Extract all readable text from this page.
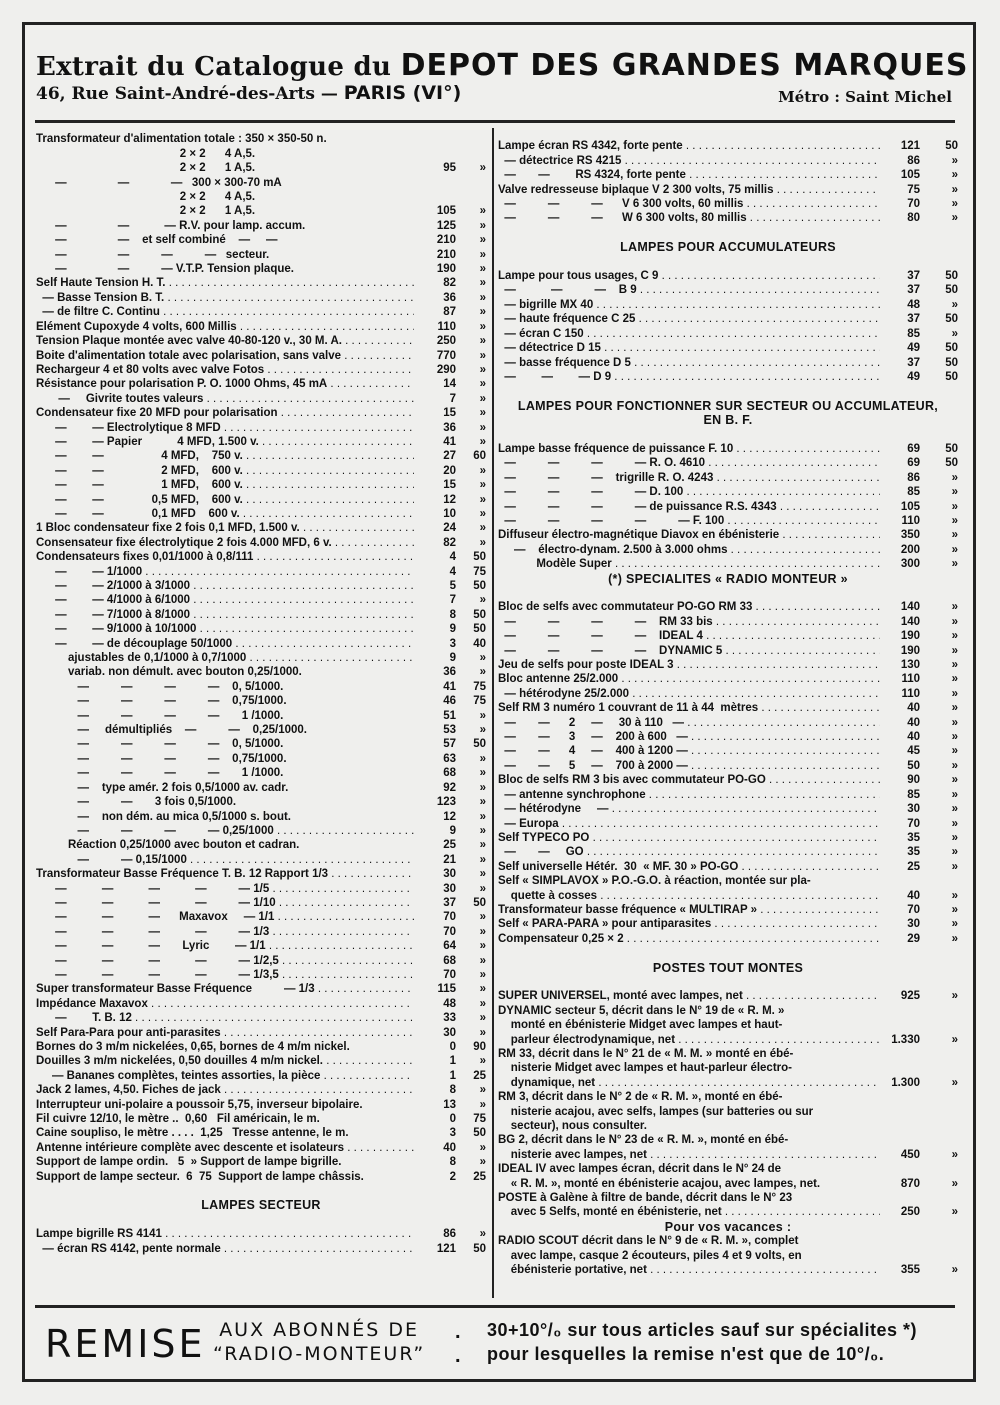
Extrait du Catalogue du DEPOT DES GRANDES MARQUES
46, Rue Saint-André-des-Arts — PARIS (VI°)	Métro : Saint Michel
Transformateur d'alimentation totale : 350 × 350-50 n.
2 × 2      4 A,5.
2 × 2      1 A,5.	95	»
—                —             —   300 × 300-70 mA
2 × 2      4 A,5.
2 × 2      1 A,5.	105	»
—                —           — R.V. pour lamp. accum.	125	»
—                —    et self combiné    —     —	210	»
—                —          —          —   secteur.	210	»
—                —          — V.T.P. Tension plaque.	190	»
Self Haute Tension H. T. . . .	82	»
— Basse Tension B. T. . . .	36	»
— de filtre C. Continu . . .	87	»
Elément Cupoxyde 4 volts, 600 Millis . . .	110	»
Tension Plaque montée avec valve 40-80-120 v., 30 M. A. . . .	250	»
Boite d'alimentation totale avec polarisation, sans valve . . .	770	»
Rechargeur 4 et 80 volts avec valve Fotos . . .	290	»
Résistance pour polarisation P. O. 1000 Ohms, 45 mA . . .	14	»
—     Givrite toutes valeurs . . .	7	»
Condensateur fixe 20 MFD pour polarisation . . .	15	»
—        — Electrolytique 8 MFD . . .	36	»
—        — Papier           4 MFD, 1.500 v. . . .	41	»
—        —                  4 MFD,    750 v. . . .	27	60
—        —                  2 MFD,    600 v. . . .	20	»
—        —                  1 MFD,    600 v. . . .	15	»
—        —               0,5 MFD,    600 v. . . .	12	»
—        —               0,1 MFD    600 v. . . .	10	»
1 Bloc condensateur fixe 2 fois 0,1 MFD, 1.500 v. . . .	24	»
Consensateur fixe électrolytique 2 fois 4.000 MFD, 6 v. . . .	82	»
Condensateurs fixes 0,01/1000 à 0,8/111 . . .	4	50
—        — 1/1000 . . .	4	75
—        — 2/1000 à 3/1000 . . .	5	50
—        — 4/1000 à 6/1000 . . .	7	»
—        — 7/1000 à 8/1000 . . .	8	50
—        — 9/1000 à 10/1000 . . .	9	50
—        — de découplage 50/1000 . . .	3	40
ajustables de 0,1/1000 à 0,7/1000 . . .	9	»
variab. non démult. avec bouton 0,25/1000.	36	»
—          —          —          —    0, 5/1000.	41	75
—          —          —          —    0,75/1000.	46	75
—          —          —          —       1 /1000.	51	»
—     démultipliés    —          —    0,25/1000.	53	»
—          —          —          —    0, 5/1000.	57	50
—          —          —          —    0,75/1000.	63	»
—          —          —          —       1 /1000.	68	»
—    type amér. 2 fois 0,5/1000 av. cadr.	92	»
—          —       3 fois 0,5/1000.	123	»
—    non dém. au mica 0,5/1000 s. bout.	12	»
—          —          —          — 0,25/1000 . . .	9	»
Réaction 0,25/1000 avec bouton et cadran.	25	»
—          — 0,15/1000 . . .	21	»
Transformateur Basse Fréquence T. B. 12 Rapport 1/3 . . .	30	»
—           —           —           —          — 1/5 . . .	30	»
—           —           —           —          — 1/10 . . .	37	50
—           —           —      Maxavox     — 1/1 . . .	70	»
—           —           —           —          — 1/3 . . .	70	»
—           —           —       Lyric        — 1/1 . . .	64	»
—           —           —           —          — 1/2,5 . . .	68	»
—           —           —           —          — 1/3,5 . . .	70	»
Super transformateur Basse Fréquence          — 1/3 . . .	115	»
Impédance Maxavox . . .	48	»
—        T. B. 12 . . .	33	»
Self Para-Para pour anti-parasites . . .	30	»
Bornes do 3 m/m nickelées, 0,65, bornes de 4 m/m nickel.	0	90
Douilles 3 m/m nickelées, 0,50 douilles 4 m/m nickel. . . .	1	»
— Bananes complètes, teintes assorties, la pièce . . .	1	25
Jack 2 lames, 4,50. Fiches de jack . . .	8	»
Interrupteur uni-polaire a poussoir 5,75, inverseur bipolaire.	13	»
Fil cuivre 12/10, le mètre ..  0,60   Fil américain, le m.	0	75
Caine soupliso, le mètre . . . .  1,25   Tresse antenne, le m.	3	50
Antenne intérieure complète avec descente et isolateurs . . .	40	»
Support de lampe ordin.   5  » Support de lampe bigrille.	8	»
Support de lampe secteur.  6  75  Support de lampe châssis.	2	25
LAMPES SECTEUR
Lampe bigrille RS 4141 . . .	86	»
— écran RS 4142, pente normale . . .	121	50
Lampe écran RS 4342, forte pente . . .	121	50
— détectrice RS 4215 . . .	86	»
—       —        RS 4324, forte pente . . .	105	»
Valve redresseuse biplaque V 2 300 volts, 75 millis . . .	75	»
—          —          —      V 6 300 volts, 60 millis . . .	70	»
—          —          —      W 6 300 volts, 80 millis . . .	80	»
LAMPES POUR ACCUMULATEURS
Lampe pour tous usages, C 9 . . .	37	50
—           —          —    B 9 . . .	37	50
— bigrille MX 40 . . .	48	»
— haute fréquence C 25 . . .	37	50
— écran C 150 . . .	85	»
— détectrice D 15 . . .	49	50
— basse fréquence D 5 . . .	37	50
—        —        — D 9 . . .	49	50
LAMPES POUR FONCTIONNER SUR SECTEUR OU ACCUMLATEUR,
EN B. F.
Lampe basse fréquence de puissance F. 10 . . .	69	50
—          —          —          — R. O. 4610 . . .	69	50
—          —          —    trigrille R. O. 4243 . . .	86	»
—          —          —          — D. 100 . . .	85	»
—          —          —          — de puissance R.S. 4343 . . .	105	»
—          —          —          —          — F. 100 . . .	110	»
Diffuseur électro-magnétique Diavox en ébénisterie . . .	350	»
—    électro-dynam. 2.500 à 3.000 ohms . . .	200	»
Modèle Super . . .	300	»
(*) SPECIALITES « RADIO MONTEUR »
Bloc de selfs avec commutateur PO-GO RM 33 . . .	140	»
—          —          —          —    RM 33 bis . . .	140	»
—          —          —          —    IDEAL 4 . . .	190	»
—          —          —          —    DYNAMIC 5 . . .	190	»
Jeu de selfs pour poste IDEAL 3 . . .	130	»
Bloc antenne 25/2.000 . . .	110	»
— hétérodyne 25/2.000 . . .	110	»
Self RM 3 numéro 1 couvrant de 11 à 44  mètres . . .	40	»
—       —      2     —     30 à 110   — . . .	40	»
—       —      3     —    200 à 600   — . . .	40	»
—       —      4     —    400 à 1200 — . . .	45	»
—       —      5     —    700 à 2000 — . . .	50	»
Bloc de selfs RM 3 bis avec commutateur PO-GO . . .	90	»
— antenne synchrophone . . .	85	»
— hétérodyne     — . . .	30	»
— Europa . . .	70	»
Self TYPECO PO . . .	35	»
—       —     GO . . .	35	»
Self universelle Hétér.  30  « MF. 30 » PO-GO . . .	25	»
Self « SIMPLAVOX » P.O.-G.O. à réaction, montée sur pla-
quette à cosses . . .	40	»
Transformateur basse fréquence « MULTIRAP » . . .	70	»
Self « PARA-PARA » pour antiparasites . . .	30	»
Compensateur 0,25 × 2 . . .	29	»
POSTES TOUT MONTES
SUPER UNIVERSEL, monté avec lampes, net . . .	925	»
DYNAMIC secteur 5, décrit dans le N° 19 de « R. M. »
monté en ébénisterie Midget avec lampes et haut-
parleur électrodynamique, net . . .	1.330	»
RM 33, décrit dans le N° 21 de « M. M. » monté en ébé-
nisterie Midget avec lampes et haut-parleur électro-
dynamique, net . . .	1.300	»
RM 3, décrit dans le N° 2 de « R. M. », monté en ébé-
nisterie acajou, avec selfs, lampes (sur batteries ou sur
secteur), nous consulter.
BG 2, décrit dans le N° 23 de « R. M. », monté en ébé-
nisterie avec lampes, net . . .	450	»
IDEAL IV avec lampes écran, décrit dans le N° 24 de
« R. M. », monté en ébénisterie acajou, avec lampes, net.	870	»
POSTE à Galène à filtre de bande, décrit dans le N° 23
avec 5 Selfs, monté en ébénisterie, net . . .	250	»
Pour vos vacances :
RADIO SCOUT décrit dans le N° 9 de « R. M. », complet
avec lampe, casque 2 écouteurs, piles 4 et 9 volts, en
ébénisterie portative, net . . .	355	»
REMISE AUX ABONNÉS DE
“RADIO-MONTEUR”
.
.
30+10°/₀ sur tous articles sauf sur spécialites *)
pour lesquelles la remise n'est que de 10°/₀.
